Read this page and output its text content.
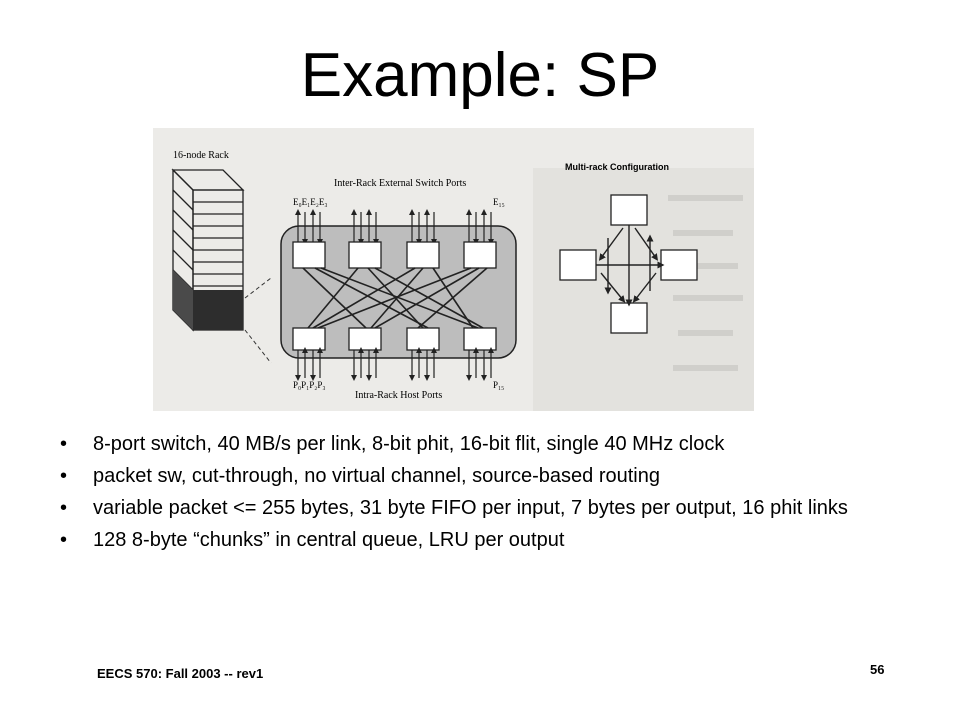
Example: SP
16-node Rack
Inter-Rack External Switch Ports
E₀E₁E₂E₃	E₁₅
P₀P₁P₂P₃	P₁₅
Intra-Rack Host Ports
Multi-rack Configuration
• 8-port switch, 40 MB/s per link, 8-bit phit, 16-bit flit, single 40 MHz clock
• packet sw, cut-through, no virtual channel, source-based routing
• variable packet <= 255 bytes, 31 byte FIFO per input, 7 bytes per output, 16 phit links
• 128 8-byte “chunks” in central queue, LRU per output
EECS 570: Fall 2003 -- rev1	56
